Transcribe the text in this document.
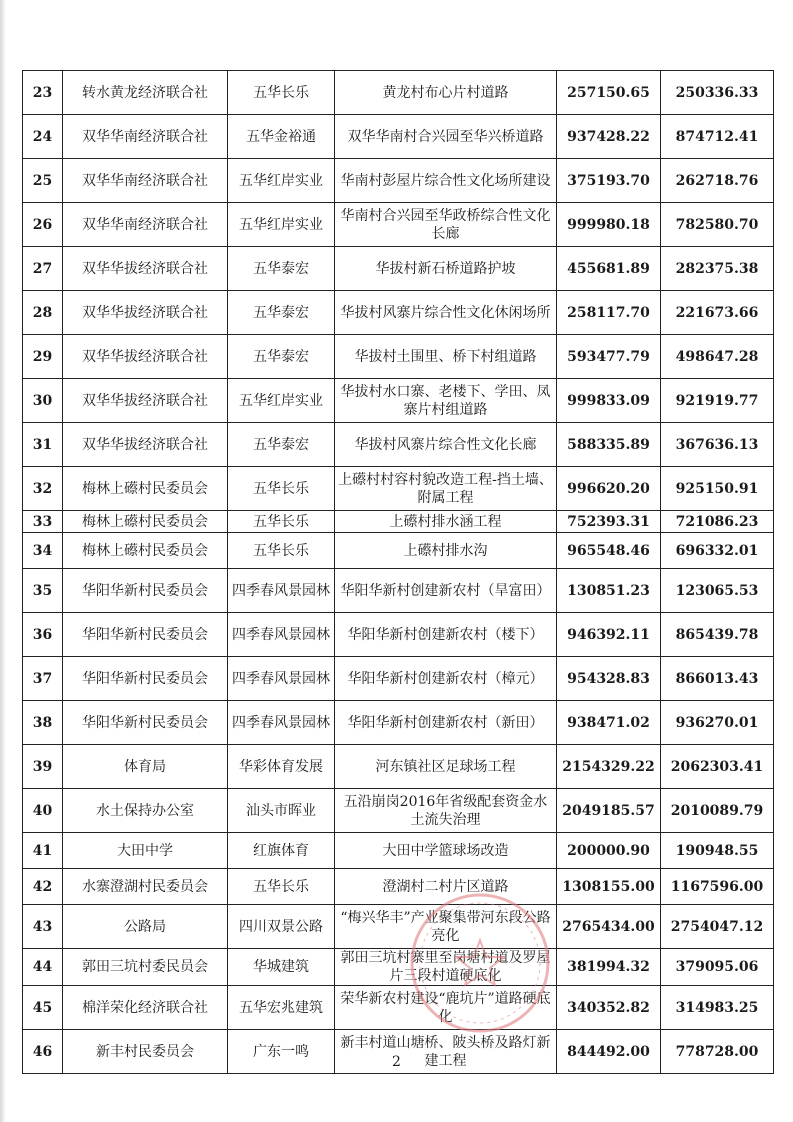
23	转水黄龙经济联合社	五华长乐	黄龙村布心片村道路	257150.65	250336.33
24	双华华南经济联合社	五华金裕通	双华华南村合兴园至华兴桥道路	937428.22	874712.41
25	双华华南经济联合社	五华红岸实业	华南村彭屋片综合性文化场所建设	375193.70	262718.76
26	双华华南经济联合社	五华红岸实业	华南村合兴园至华政桥综合性文化长廊	999980.18	782580.70
27	双华华拔经济联合社	五华泰宏	华拔村新石桥道路护坡	455681.89	282375.38
28	双华华拔经济联合社	五华泰宏	华拔村风寨片综合性文化休闲场所	258117.70	221673.66
29	双华华拔经济联合社	五华泰宏	华拔村土围里、桥下村组道路	593477.79	498647.28
30	双华华拔经济联合社	五华红岸实业	华拔村水口寨、老楼下、学田、凤寨片村组道路	999833.09	921919.77
31	双华华拔经济联合社	五华泰宏	华拔村风寨片综合性文化长廊	588335.89	367636.13
32	梅林上礤村民委员会	五华长乐	上礤村村容村貌改造工程-挡土墙、附属工程	996620.20	925150.91
33	梅林上礤村民委员会	五华长乐	上礤村排水涵工程	752393.31	721086.23
34	梅林上礤村民委员会	五华长乐	上礤村排水沟	965548.46	696332.01
35	华阳华新村民委员会	四季春风景园林	华阳华新村创建新农村（旱富田）	130851.23	123065.53
36	华阳华新村民委员会	四季春风景园林	华阳华新村创建新农村（楼下）	946392.11	865439.78
37	华阳华新村民委员会	四季春风景园林	华阳华新村创建新农村（樟元）	954328.83	866013.43
38	华阳华新村民委员会	四季春风景园林	华阳华新村创建新农村（新田）	938471.02	936270.01
39	体育局	华彩体育发展	河东镇社区足球场工程	2154329.22	2062303.41
40	水土保持办公室	汕头市晖业	五沿崩岗2016年省级配套资金水土流失治理	2049185.57	2010089.79
41	大田中学	红旗体育	大田中学篮球场改造	200000.90	190948.55
42	水寨澄湖村民委员会	五华长乐	澄湖村二村片区道路	1308155.00	1167596.00
43	公路局	四川双景公路	“梅兴华丰”产业聚集带河东段公路亮化	2765434.00	2754047.12
44	郭田三坑村委民员会	华城建筑	郭田三坑村寨里至岗塘村道及罗屋片三段村道硬底化	381994.32	379095.06
45	棉洋荣化经济联合社	五华宏兆建筑	荣华新农村建设“鹿坑片”道路硬底化	340352.82	314983.25
46	新丰村民委员会	广东一鸣	新丰村道山塘桥、陂头桥及路灯新建工程	844492.00	778728.00
2
